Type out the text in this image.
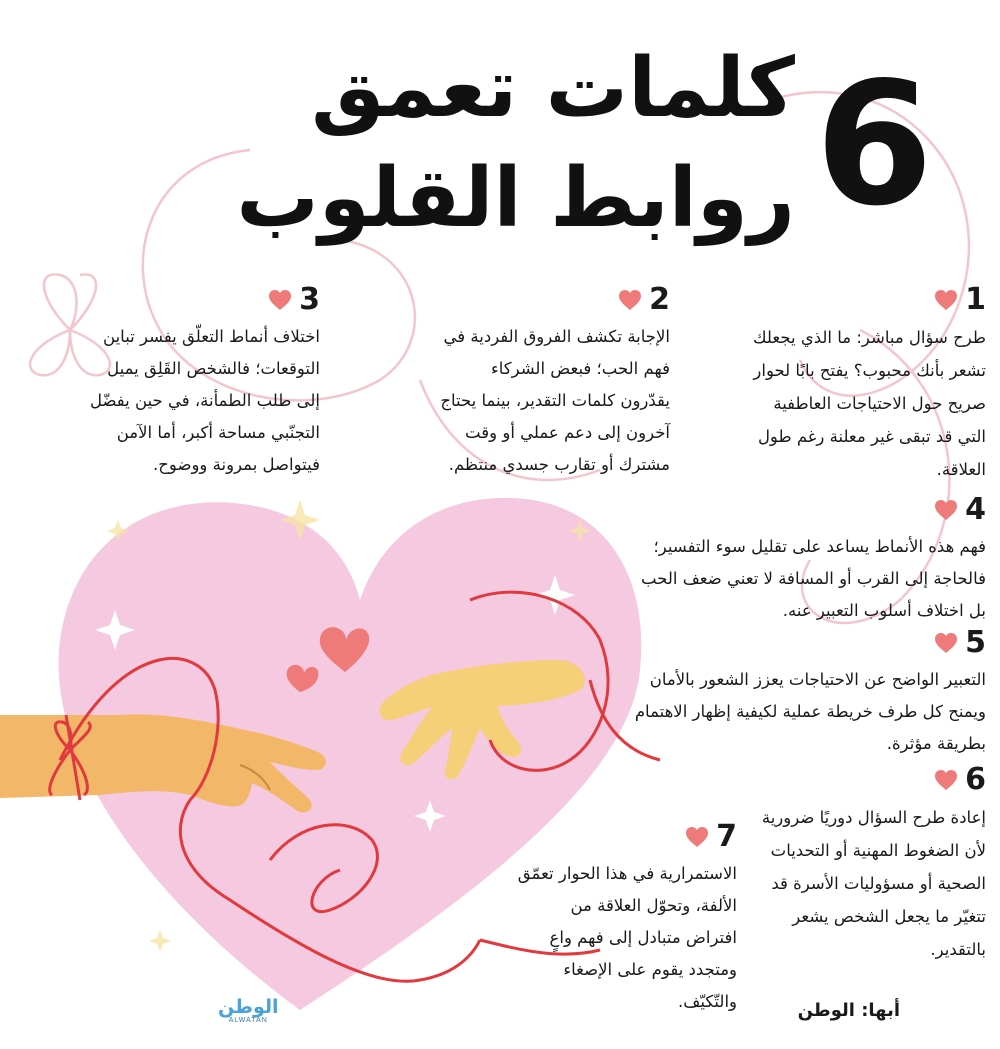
6
كلمات تعمق
روابط القلوب
1
طرح سؤال مباشر: ما الذي يجعلك تشعر بأنك محبوب؟ يفتح بابًا لحوار صريح حول الاحتياجات العاطفية التي قد تبقى غير معلنة رغم طول العلاقة.
2
الإجابة تكشف الفروق الفردية في فهم الحب؛ فبعض الشركاء يقدّرون كلمات التقدير، بينما يحتاج آخرون إلى دعم عملي أو وقت مشترك أو تقارب جسدي منتظم.
3
اختلاف أنماط التعلّق يفسر تباين التوقعات؛ فالشخص القَلِق يميل إلى طلب الطمأنة، في حين يفضّل التجنّبي مساحة أكبر، أما الآمن فيتواصل بمرونة ووضوح.
4
فهم هذه الأنماط يساعد على تقليل سوء التفسير؛ فالحاجة إلى القرب أو المسافة لا تعني ضعف الحب بل اختلاف أسلوب التعبير عنه.
5
التعبير الواضح عن الاحتياجات يعزز الشعور بالأمان ويمنح كل طرف خريطة عملية لكيفية إظهار الاهتمام بطريقة مؤثرة.
6
إعادة طرح السؤال دوريًا ضرورية لأن الضغوط المهنية أو التحديات الصحية أو مسؤوليات الأسرة قد تتغيّر ما يجعل الشخص يشعر بالتقدير.
7
الاستمرارية في هذا الحوار تعمّق الألفة، وتحوّل العلاقة من افتراض متبادل إلى فهم واعٍ ومتجدد يقوم على الإصغاء والتّكيّف.	أبها: الوطن
الوطن
ALWATAN
